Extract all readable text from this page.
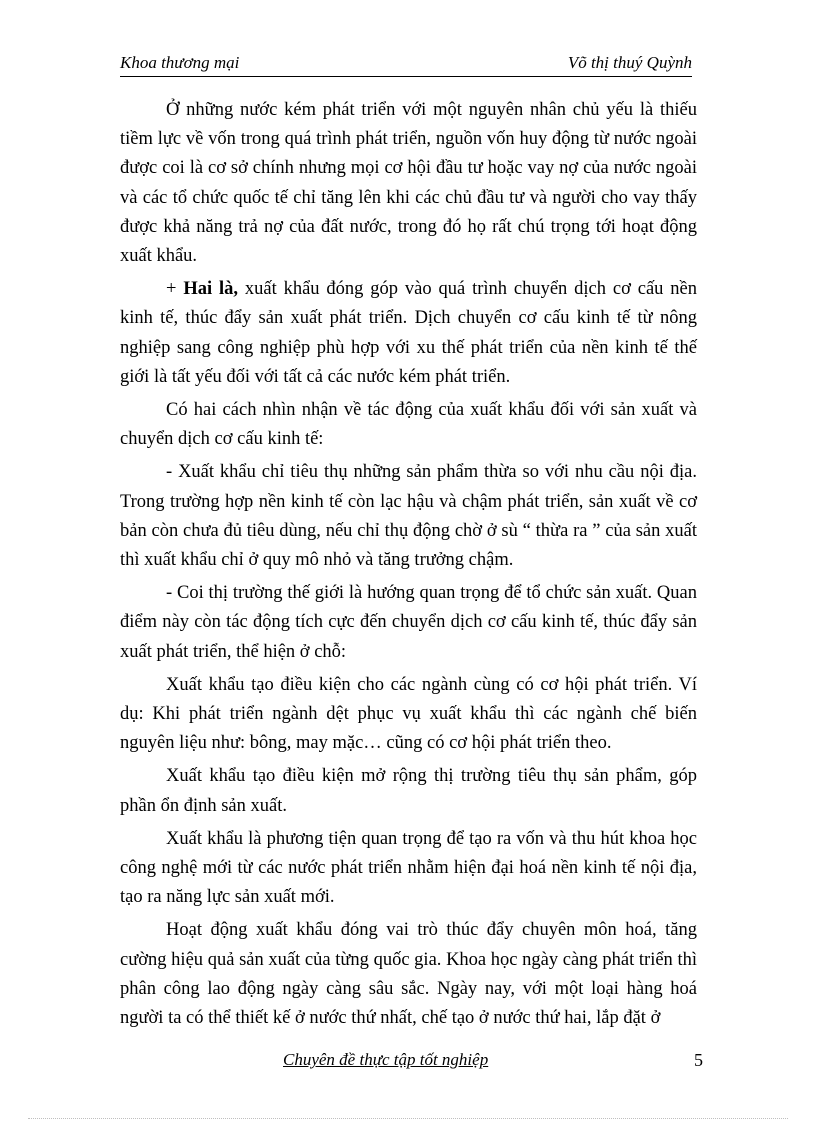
Khoa thương mại	Võ thị thuý Quỳnh

Ở những nước kém phát triển với một nguyên nhân chủ yếu là thiếu tiềm lực về vốn trong quá trình phát triển, nguồn vốn huy động từ nước ngoài được coi là cơ sở chính nhưng mọi cơ hội đầu tư hoặc vay nợ của nước ngoài và các tổ chức quốc tế chỉ tăng lên khi các chủ đầu tư và người cho vay thấy được khả năng trả nợ của đất nước, trong đó họ rất chú trọng tới hoạt động xuất khẩu.

+ Hai là, xuất khẩu đóng góp vào quá trình chuyển dịch cơ cấu nền kinh tế, thúc đẩy sản xuất phát triển. Dịch chuyển cơ cấu kinh tế từ nông nghiệp sang công nghiệp phù hợp với xu thế phát triển của nền kinh tế thế giới là tất yếu đối với tất cả các nước kém phát triển.

Có hai cách nhìn nhận về tác động của xuất khẩu đối với sản xuất và chuyển dịch cơ cấu kinh tế:

- Xuất khẩu chỉ tiêu thụ những sản phẩm thừa so với nhu cầu nội địa. Trong trường hợp nền kinh tế còn lạc hậu và chậm phát triển, sản xuất về cơ bản còn chưa đủ tiêu dùng, nếu chỉ thụ động chờ ở sù “ thừa ra ” của sản xuất thì xuất khẩu chỉ ở quy mô nhỏ và tăng trưởng chậm.

- Coi thị trường thế giới là hướng quan trọng để tổ chức sản xuất. Quan điểm này còn tác động tích cực đến chuyển dịch cơ cấu kinh tế, thúc đẩy sản xuất phát triển, thể hiện ở chỗ:

Xuất khẩu tạo điều kiện cho các ngành cùng có cơ hội phát triển. Ví dụ: Khi phát triển ngành dệt phục vụ xuất khẩu thì các ngành chế biến nguyên liệu như: bông, may mặc… cũng có cơ hội phát triển theo.

Xuất khẩu tạo điều kiện mở rộng thị trường tiêu thụ sản phẩm, góp phần ổn định sản xuất.

Xuất khẩu là phương tiện quan trọng để tạo ra vốn và thu hút khoa học công nghệ mới từ các nước phát triển nhằm hiện đại hoá nền kinh tế nội địa, tạo ra năng lực sản xuất mới.

Hoạt động xuất khẩu đóng vai trò thúc đẩy chuyên môn hoá, tăng cường hiệu quả sản xuất của từng quốc gia. Khoa học ngày càng phát triển thì phân công lao động ngày càng sâu sắc. Ngày nay, với một loại hàng hoá người ta có thể thiết kế ở nước thứ nhất, chế tạo ở nước thứ hai, lắp đặt ở

Chuyên đề thực tập tốt nghiệp	5
